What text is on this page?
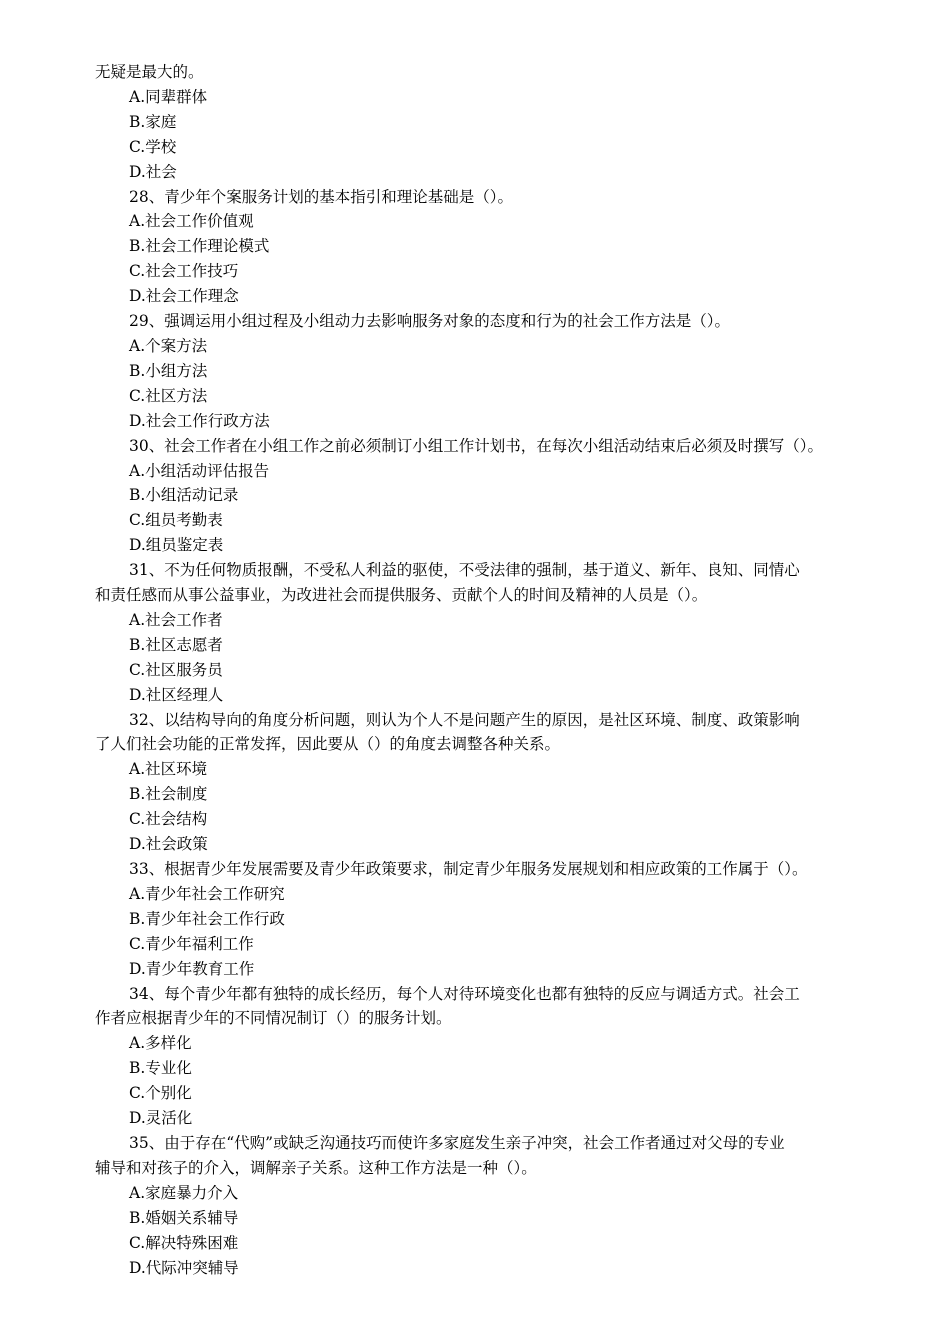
无疑是最大的。
A.同辈群体
B.家庭
C.学校
D.社会
28、青少年个案服务计划的基本指引和理论基础是（）。
A.社会工作价值观
B.社会工作理论模式
C.社会工作技巧
D.社会工作理念
29、强调运用小组过程及小组动力去影响服务对象的态度和行为的社会工作方法是（）。
A.个案方法
B.小组方法
C.社区方法
D.社会工作行政方法
30、社会工作者在小组工作之前必须制订小组工作计划书，在每次小组活动结束后必须及时撰写（）。
A.小组活动评估报告
B.小组活动记录
C.组员考勤表
D.组员鉴定表
31、不为任何物质报酬，不受私人利益的驱使，不受法律的强制，基于道义、新年、良知、同情心
和责任感而从事公益事业，为改进社会而提供服务、贡献个人的时间及精神的人员是（）。
A.社会工作者
B.社区志愿者
C.社区服务员
D.社区经理人
32、以结构导向的角度分析问题，则认为个人不是问题产生的原因，是社区环境、制度、政策影响
了人们社会功能的正常发挥，因此要从（）的角度去调整各种关系。
A.社区环境
B.社会制度
C.社会结构
D.社会政策
33、根据青少年发展需要及青少年政策要求，制定青少年服务发展规划和相应政策的工作属于（）。
A.青少年社会工作研究
B.青少年社会工作行政
C.青少年福利工作
D.青少年教育工作
34、每个青少年都有独特的成长经历，每个人对待环境变化也都有独特的反应与调适方式。社会工
作者应根据青少年的不同情况制订（）的服务计划。
A.多样化
B.专业化
C.个别化
D.灵活化
35、由于存在“代购”或缺乏沟通技巧而使许多家庭发生亲子冲突，社会工作者通过对父母的专业
辅导和对孩子的介入，调解亲子关系。这种工作方法是一种（）。
A.家庭暴力介入
B.婚姻关系辅导
C.解决特殊困难
D.代际冲突辅导
